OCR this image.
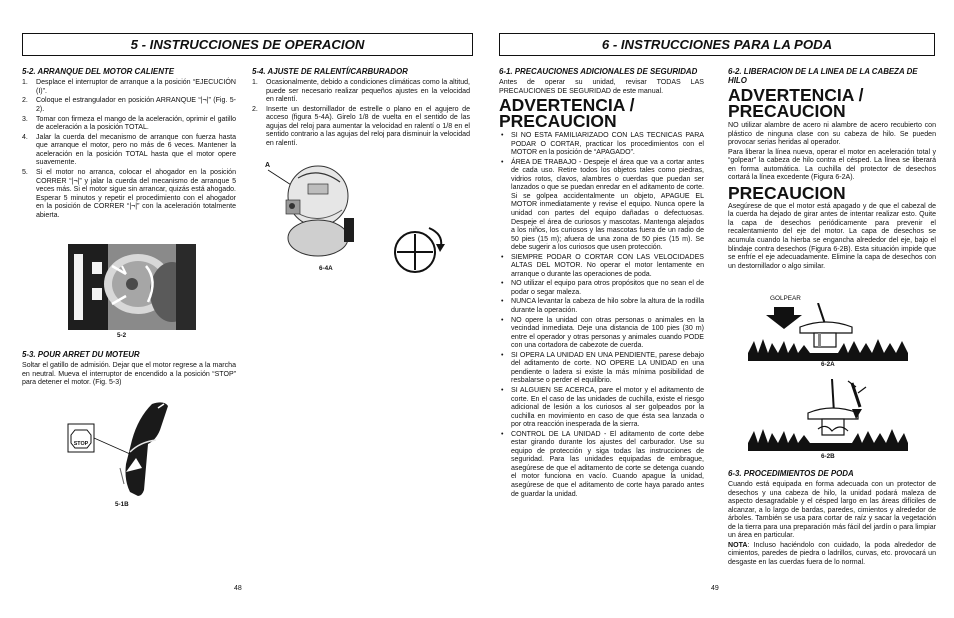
5 - INSTRUCCIONES DE OPERACION	6 - INSTRUCCIONES PARA LA PODA
5-2. ARRANQUE DEL MOTOR CALIENTE
1. Desplace el interruptor de arranque a la posición “EJECUCIÓN (I)”.
2. Coloque el estrangulador en posición ARRANQUE “|¬|” (Fig. 5-2).
3. Tomar con firmeza el mango de la aceleración, oprimir el gatillo de aceleración a la posición TOTAL.
4. Jalar la cuerda del mecanismo de arranque con fuerza hasta que arranque el motor, pero no más de 6 veces. Mantener la aceleración en la posición TOTAL hasta que el motor opere suavemente.
5. Si el motor no arranca, colocar el ahogador en la posición CORRER “|¬|” y jalar la cuerda del mecanismo de arranque 5 veces más. Si el motor sigue sin arrancar, quizás está ahogado. Esperar 5 minutos y repetir el procedimiento con el ahogador en la posición de CORRER “|¬|” con la aceleración totalmente abierta.
5-2
5-3. POUR ARRET DU MOTEUR
Soltar el gatillo de admisión. Dejar que el motor regrese a la marcha en neutral. Mueva el interruptor de encendido a la posición “STOP” para detener el motor. (Fig. 5-3)
STOP
5-1B
5-4. AJUSTE DE RALENTÍ/CARBURADOR
1. Ocasionalmente, debido a condiciones climáticas como la altitud, puede ser necesario realizar pequeños ajustes en la velocidad en ralentí.
2. Inserte un destornillador de estrelle o plano en el agujero de acceso (figura 5-4A). Girelo 1/8 de vuelta en el sentido de las agujas del reloj para aumentar la velocidad en ralentí o 1/8 en el sentido contrario a las agujas del reloj para disminuir la velocidad en ralentí.
A
6-4A
48
6-1. PRECAUCIONES ADICIONALES DE SEGURIDAD
Antes de operar su unidad, revisar TODAS LAS PRECAUCIONES DE SEGURIDAD de este manual.
ADVERTENCIA / PRECAUCION
• SI NO ESTA FAMILIARIZADO CON LAS TECNICAS PARA PODAR O CORTAR, practicar los procedimientos con el MOTOR en la posición de “APAGADO”.
• ÁREA DE TRABAJO - Despeje el área que va a cortar antes de cada uso. Retire todos los objetos tales como piedras, vidrios rotos, clavos, alambres o cuerdas que puedan ser lanzados o que se puedan enredar en el aditamento de corte. Si se golpea accidentalmente un objeto, APAGUE EL MOTOR inmediatamente y revise el equipo. Nunca opere la unidad con partes del equipo dañadas o defectuosas. Despeje el área de curiosos y mascotas. Mantenga alejados a los niños, los curiosos y las mascotas fuera de un radio de 50 pies (15 m); afuera de una zona de 50 pies (15 m). Se debe sugerir a los curiosos que usen protección.
• SIEMPRE PODAR O CORTAR CON LAS VELOCIDADES ALTAS DEL MOTOR. No operar el motor lentamente en arranque o durante las operaciones de poda.
• NO utilizar el equipo para otros propósitos que no sean el de podar o segar maleza.
• NUNCA levantar la cabeza de hilo sobre la altura de la rodilla durante la operación.
• NO opere la unidad con otras personas o animales en la vecindad inmediata. Deje una distancia de 100 pies (30 m) entre el operador y otras personas y animales cuando PODE con una cortadora de cabezote de cuerda.
• SI OPERA LA UNIDAD EN UNA PENDIENTE, parese debajo del aditamento de corte. NO OPERE LA UNIDAD en una pendiente o ladera si existe la más mínima posibilidad de resbalarse o perder el equilibrio.
• SI ALGUIEN SE ACERCA, pare el motor y el aditamento de corte. En el caso de las unidades de cuchilla, existe el riesgo adicional de lesión a los curiosos al ser golpeados por la cuchilla en movimiento en caso de que ésta sea lanzada o por otra reacción inesperada de la sierra.
• CONTROL DE LA UNIDAD - El aditamento de corte debe estar girando durante los ajustes del carburador. Use su equipo de protección y siga todas las instrucciones de seguridad. Para las unidades equipadas de embrague, asegúrese de que el aditamento de corte se detenga cuando el motor funciona en vacío. Cuando apague la unidad, asegúrese de que el aditamento de corte haya parado antes de guardar la unidad.
6-2. LIBERACION DE LA LINEA DE LA CABEZA DE HILO
ADVERTENCIA / PRECAUCION
NO utilizar alambre de acero ni alambre de acero recubierto con plástico de ninguna clase con su cabeza de hilo. Se pueden provocar serias heridas al operador.
Para liberar la línea nueva, operar el motor en aceleración total y “golpear” la cabeza de hilo contra el césped. La línea se liberará en forma automática. La cuchilla del protector de desechos cortará la línea excedente (Figura 6-2A).
PRECAUCION
Asegúrese de que el motor está apagado y de que el cabezal de la cuerda ha dejado de girar antes de intentar realizar esto. Quite la capa de desechos periódicamente para prevenir el recalentamiento del eje del motor. La capa de desechos se acumula cuando la hierba se engancha alrededor del eje, bajo el blindaje contra desechos (Figura 6-2B). Esta situación impide que se enfríe el eje adecuadamente. Elimine la capa de desechos con un destornillador o algo similar.
GOLPEAR
6-2A
6-2B
6-3. PROCEDIMIENTOS DE PODA
Cuando está equipada en forma adecuada con un protector de desechos y una cabeza de hilo, la unidad podará maleza de aspecto desagradable y el césped largo en las áreas difíciles de alcanzar, a lo largo de bardas, paredes, cimientos y alrededor de árboles. También se usa para cortar de raíz y sacar la vegetación de la tierra para una preparación más fácil del jardín o para limpiar un área en particular.
NOTA: Incluso haciéndolo con cuidado, la poda alrededor de cimientos, paredes de piedra o ladrillos, curvas, etc. provocará un desgaste en las cuerdas fuera de lo normal.
49
